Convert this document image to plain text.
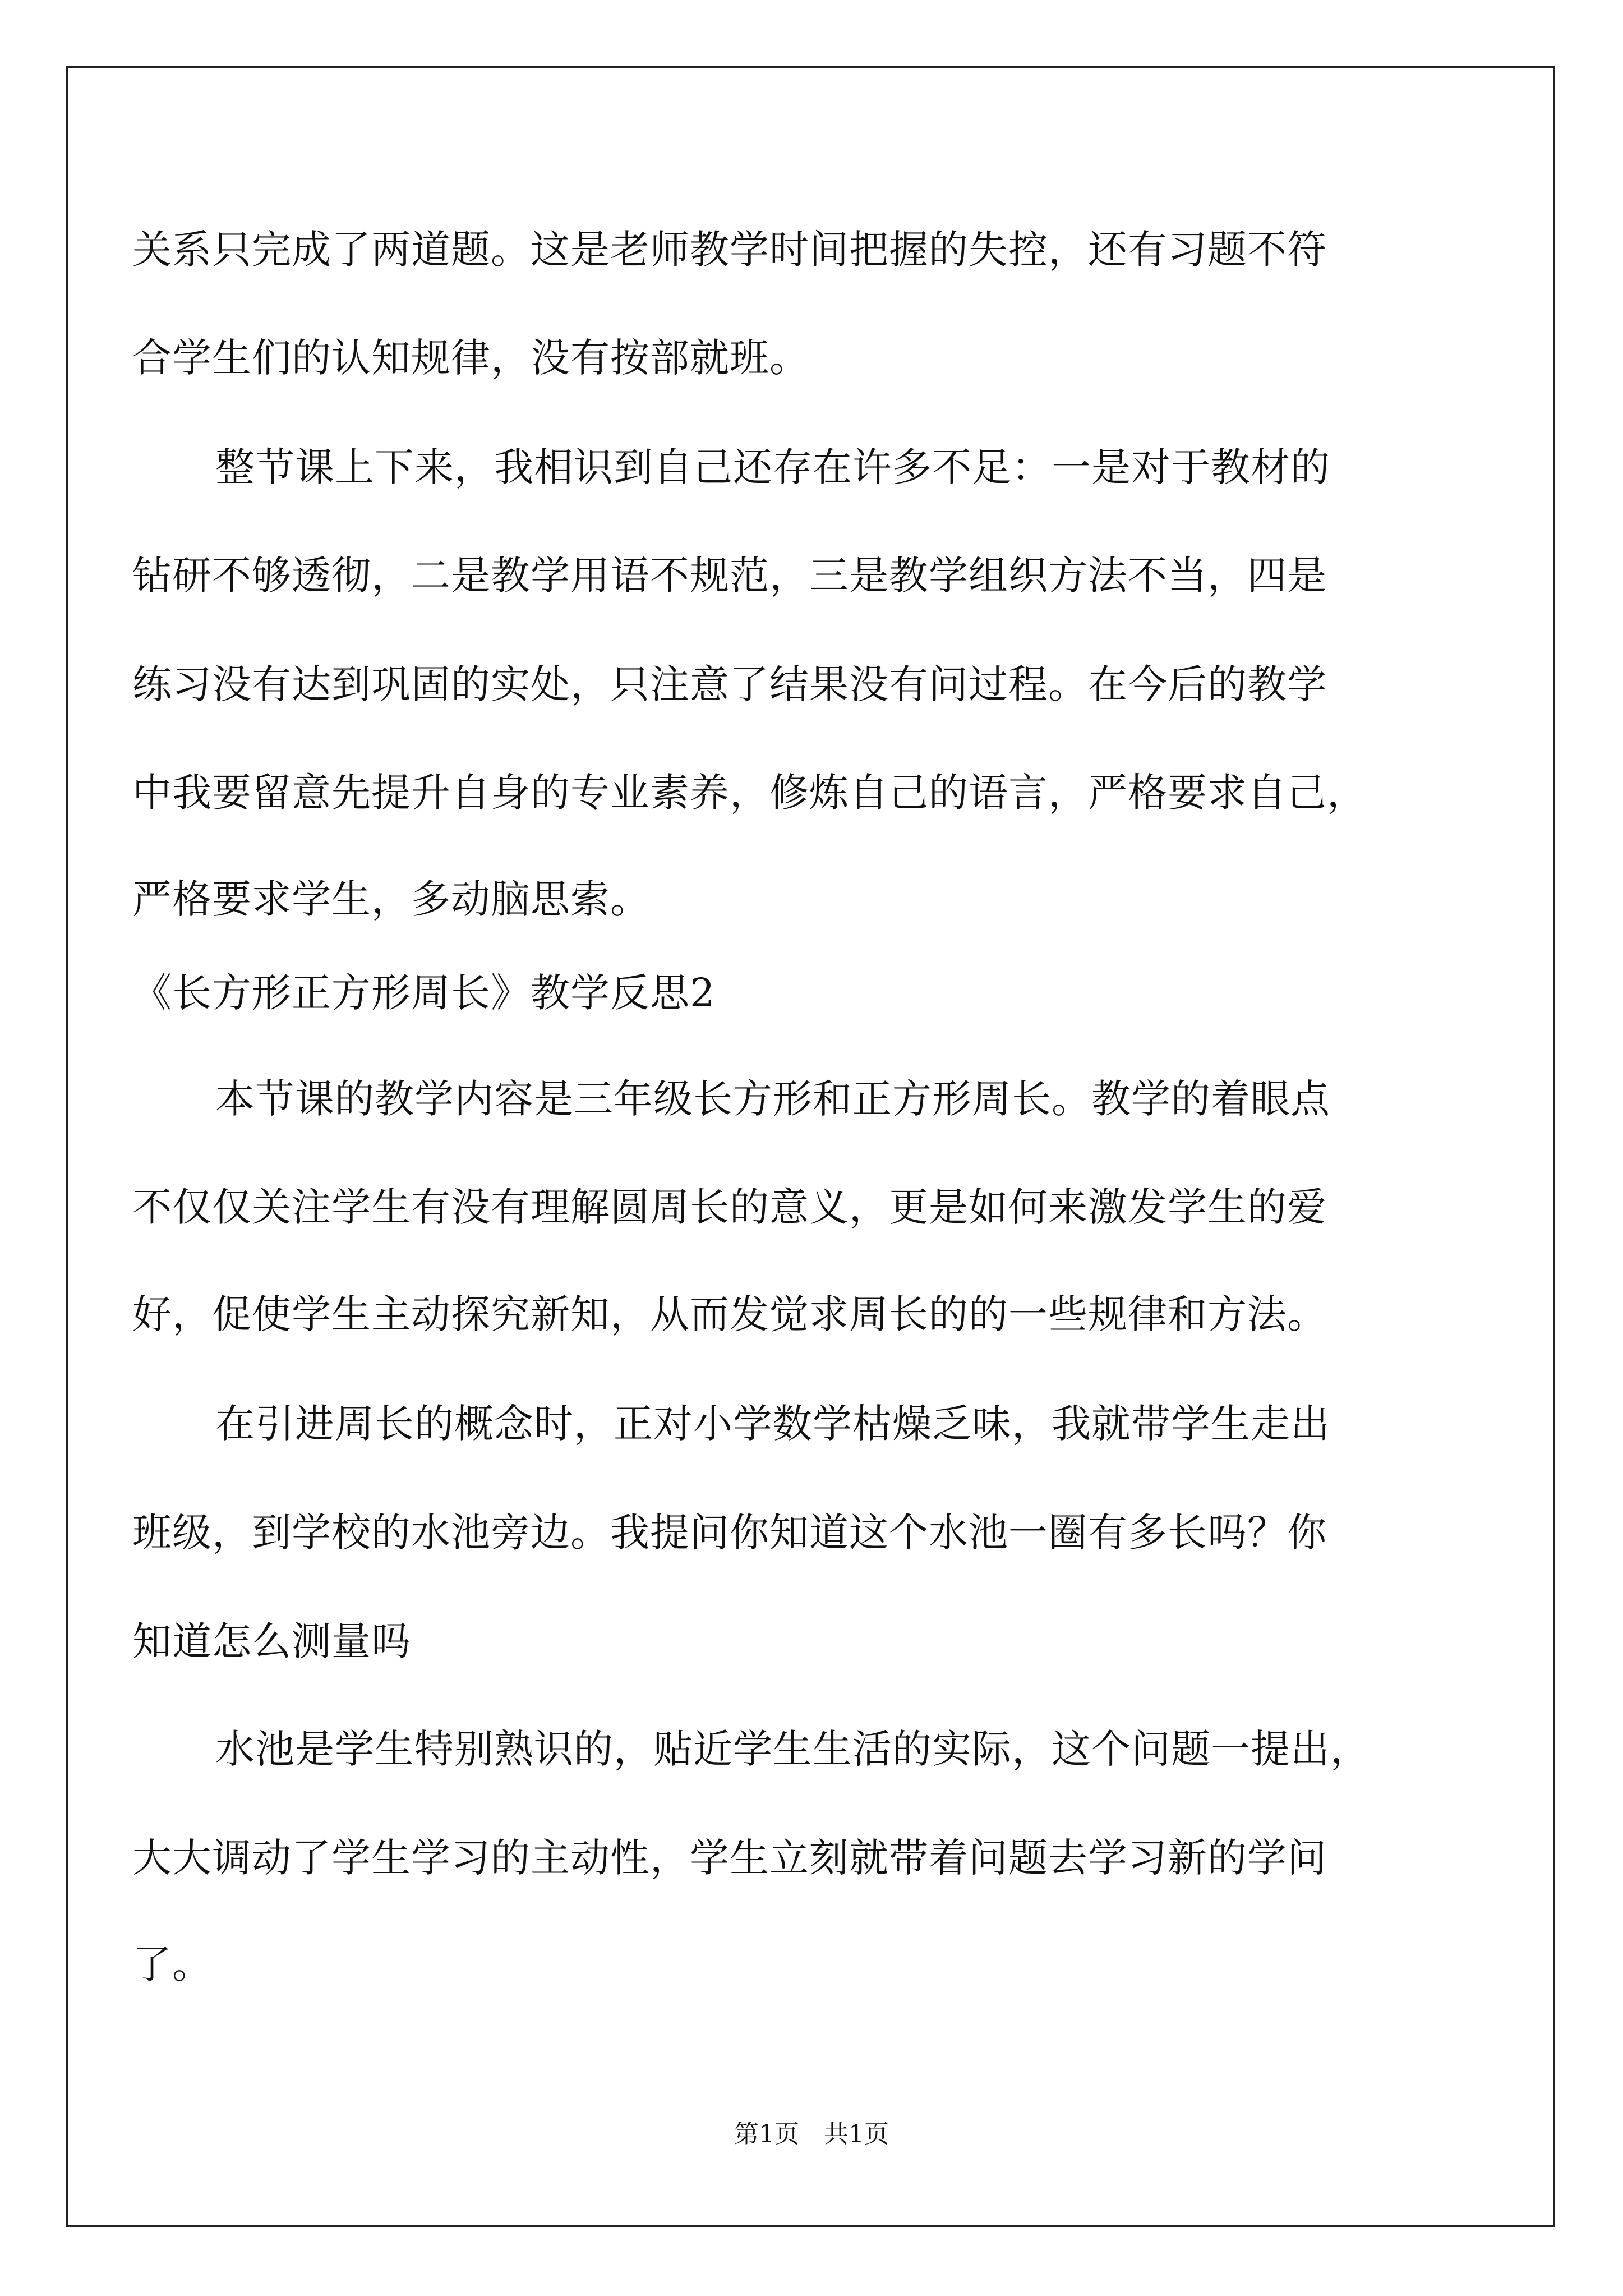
关系只完成了两道题。这是老师教学时间把握的失控，还有习题不符
合学生们的认知规律，没有按部就班。
整节课上下来，我相识到自己还存在许多不足：一是对于教材的
钻研不够透彻，二是教学用语不规范，三是教学组织方法不当，四是
练习没有达到巩固的实处，只注意了结果没有问过程。在今后的教学
中我要留意先提升自身的专业素养，修炼自己的语言，严格要求自己，
严格要求学生，多动脑思索。
《长方形正方形周长》教学反思2
本节课的教学内容是三年级长方形和正方形周长。教学的着眼点
不仅仅关注学生有没有理解圆周长的意义，更是如何来激发学生的爱
好，促使学生主动探究新知，从而发觉求周长的的一些规律和方法。
在引进周长的概念时，正对小学数学枯燥乏味，我就带学生走出
班级，到学校的水池旁边。我提问你知道这个水池一圈有多长吗？你
知道怎么测量吗
水池是学生特别熟识的，贴近学生生活的实际，这个问题一提出，
大大调动了学生学习的主动性，学生立刻就带着问题去学习新的学问
了。
第1页　共1页
